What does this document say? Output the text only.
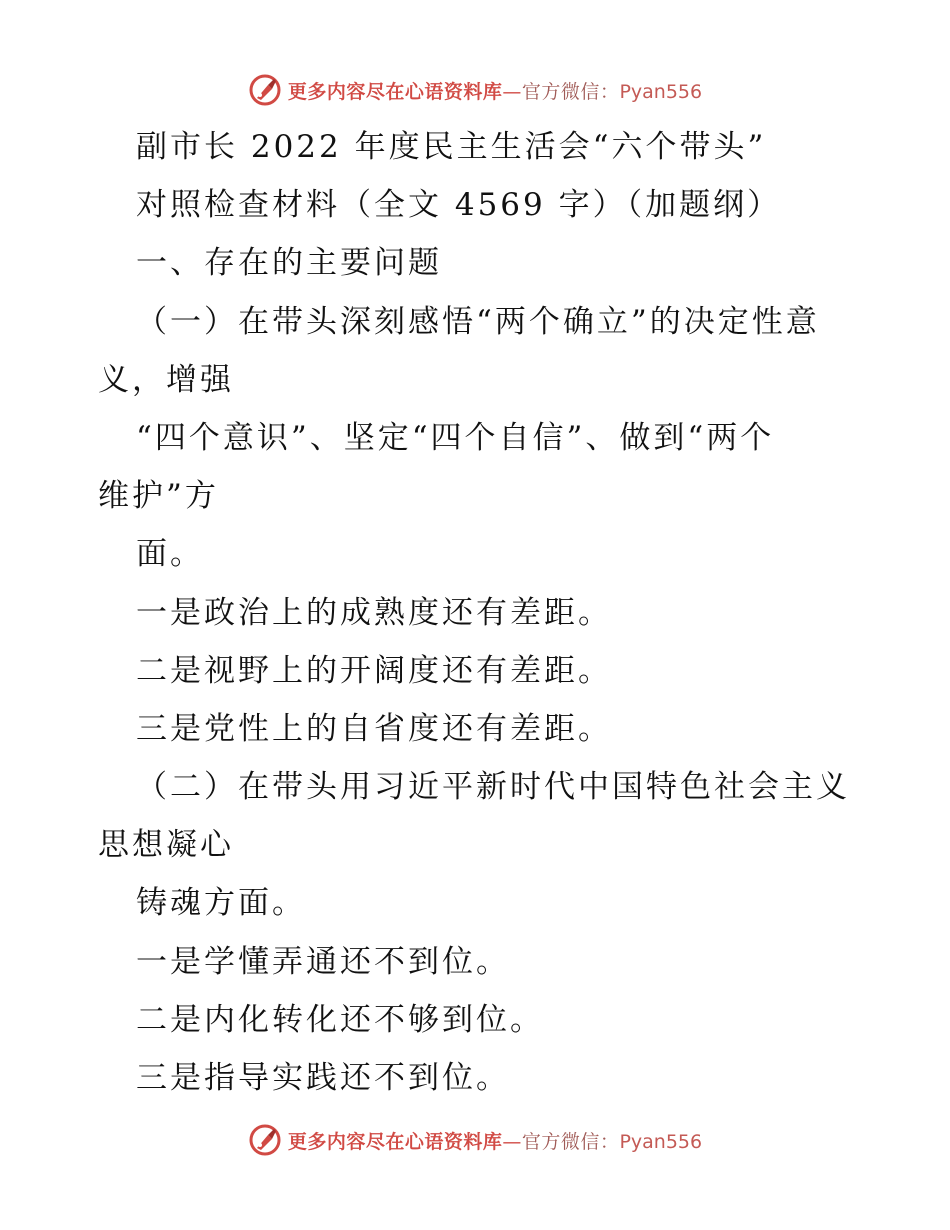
更多内容尽在心语资料库—官方微信：Pyan556
副市长 2022 年度民主生活会“六个带头”
对照检查材料（全文 4569 字）（加题纲）
一、存在的主要问题
（一）在带头深刻感悟“两个确立”的决定性意
义，增强
“四个意识”、坚定“四个自信”、做到“两个
维护”方
面。
一是政治上的成熟度还有差距。
二是视野上的开阔度还有差距。
三是党性上的自省度还有差距。
（二）在带头用习近平新时代中国特色社会主义
思想凝心
铸魂方面。
一是学懂弄通还不到位。
二是内化转化还不够到位。
三是指导实践还不到位。
更多内容尽在心语资料库—官方微信：Pyan556
